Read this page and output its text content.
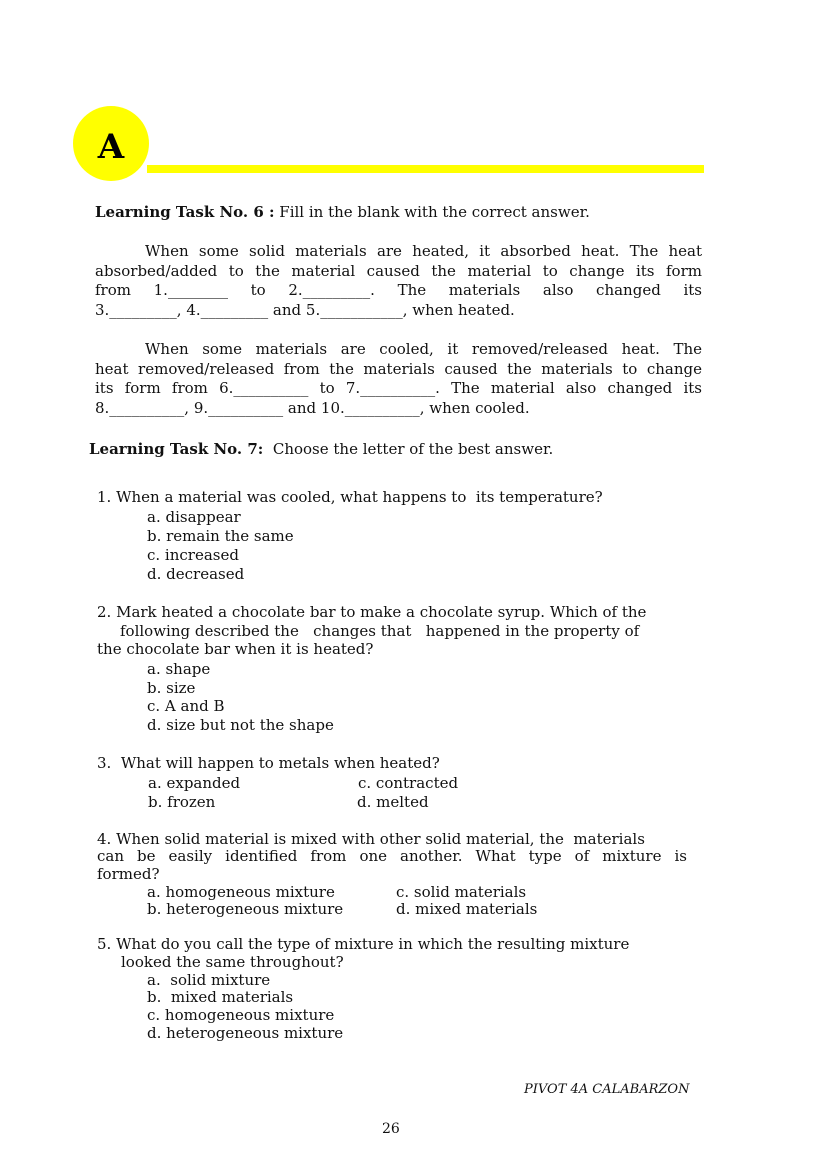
A
Learning Task No. 6 : Fill in the blank with the correct answer.
When some solid materials are heated, it absorbed heat. The heat
absorbed/added to the material caused the material to change its form
from 1.________ to 2._________. The materials also changed its
3._________, 4._________ and 5.___________, when heated.
When some materials are cooled, it removed/released heat. The
heat removed/released from the materials caused the materials to change
its form from 6.__________ to 7.__________. The material also changed its
8.__________, 9.__________ and 10.__________, when cooled.
Learning Task No. 7:  Choose the letter of the best answer.
1. When a material was cooled, what happens to  its temperature?
a. disappear
b. remain the same
c. increased
d. decreased
2. Mark heated a chocolate bar to make a chocolate syrup. Which of the
following described the   changes that   happened in the property of
the chocolate bar when it is heated?
a. shape
b. size
c. A and B
d. size but not the shape
3.  What will happen to metals when heated?
a. expanded	c. contracted
b. frozen	d. melted
4. When solid material is mixed with other solid material, the  materials
can be easily identified from one another. What type of mixture is
formed?
a. homogeneous mixture	c. solid materials
b. heterogeneous mixture	d. mixed materials
5. What do you call the type of mixture in which the resulting mixture
looked the same throughout?
a.  solid mixture
b.  mixed materials
c. homogeneous mixture
d. heterogeneous mixture
PIVOT 4A CALABARZON
26
